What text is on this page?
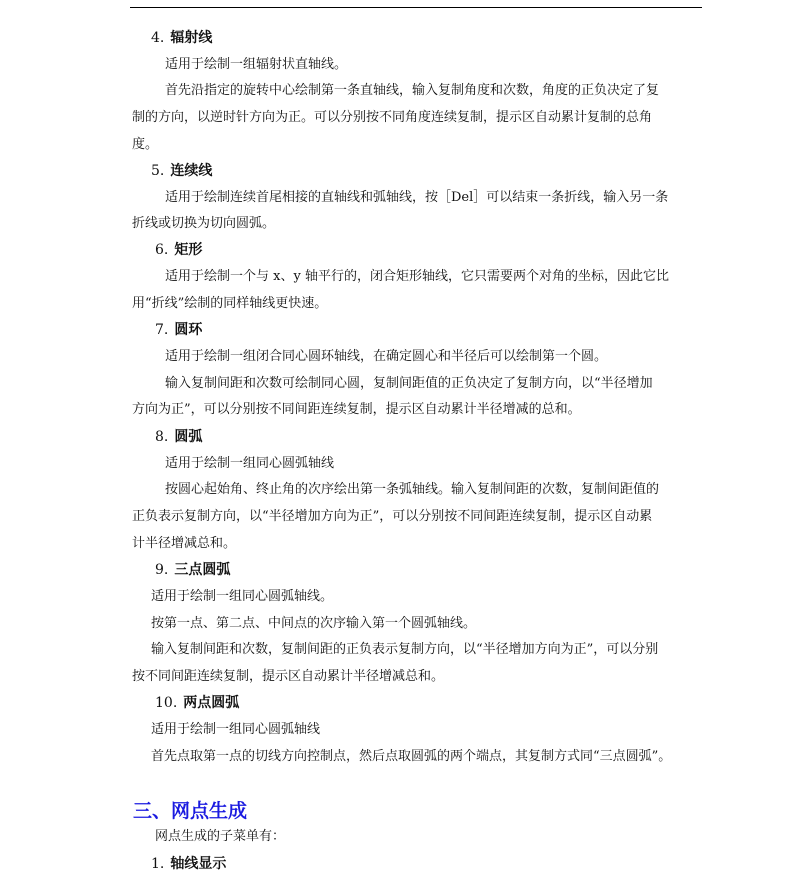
4. 辐射线
适用于绘制一组辐射状直轴线。
首先沿指定的旋转中心绘制第一条直轴线，输入复制角度和次数，角度的正负决定了复
制的方向，以逆时针方向为正。可以分别按不同角度连续复制，提示区自动累计复制的总角
度。
5. 连续线
适用于绘制连续首尾相接的直轴线和弧轴线，按［Del］可以结束一条折线，输入另一条
折线或切换为切向圆弧。
6. 矩形
适用于绘制一个与 x、y 轴平行的，闭合矩形轴线，它只需要两个对角的坐标，因此它比
用“折线”绘制的同样轴线更快速。
7. 圆环
适用于绘制一组闭合同心圆环轴线，在确定圆心和半径后可以绘制第一个圆。
输入复制间距和次数可绘制同心圆，复制间距值的正负决定了复制方向，以“半径增加
方向为正”，可以分别按不同间距连续复制，提示区自动累计半径增减的总和。
8. 圆弧
适用于绘制一组同心圆弧轴线
按圆心起始角、终止角的次序绘出第一条弧轴线。输入复制间距的次数，复制间距值的
正负表示复制方向，以“半径增加方向为正”，可以分别按不同间距连续复制，提示区自动累
计半径增减总和。
9. 三点圆弧
适用于绘制一组同心圆弧轴线。
按第一点、第二点、中间点的次序输入第一个圆弧轴线。
输入复制间距和次数，复制间距的正负表示复制方向，以“半径增加方向为正”，可以分别
按不同间距连续复制，提示区自动累计半径增减总和。
10. 两点圆弧
适用于绘制一组同心圆弧轴线
首先点取第一点的切线方向控制点，然后点取圆弧的两个端点，其复制方式同“三点圆弧”。
三、网点生成
网点生成的子菜单有：
1. 轴线显示
